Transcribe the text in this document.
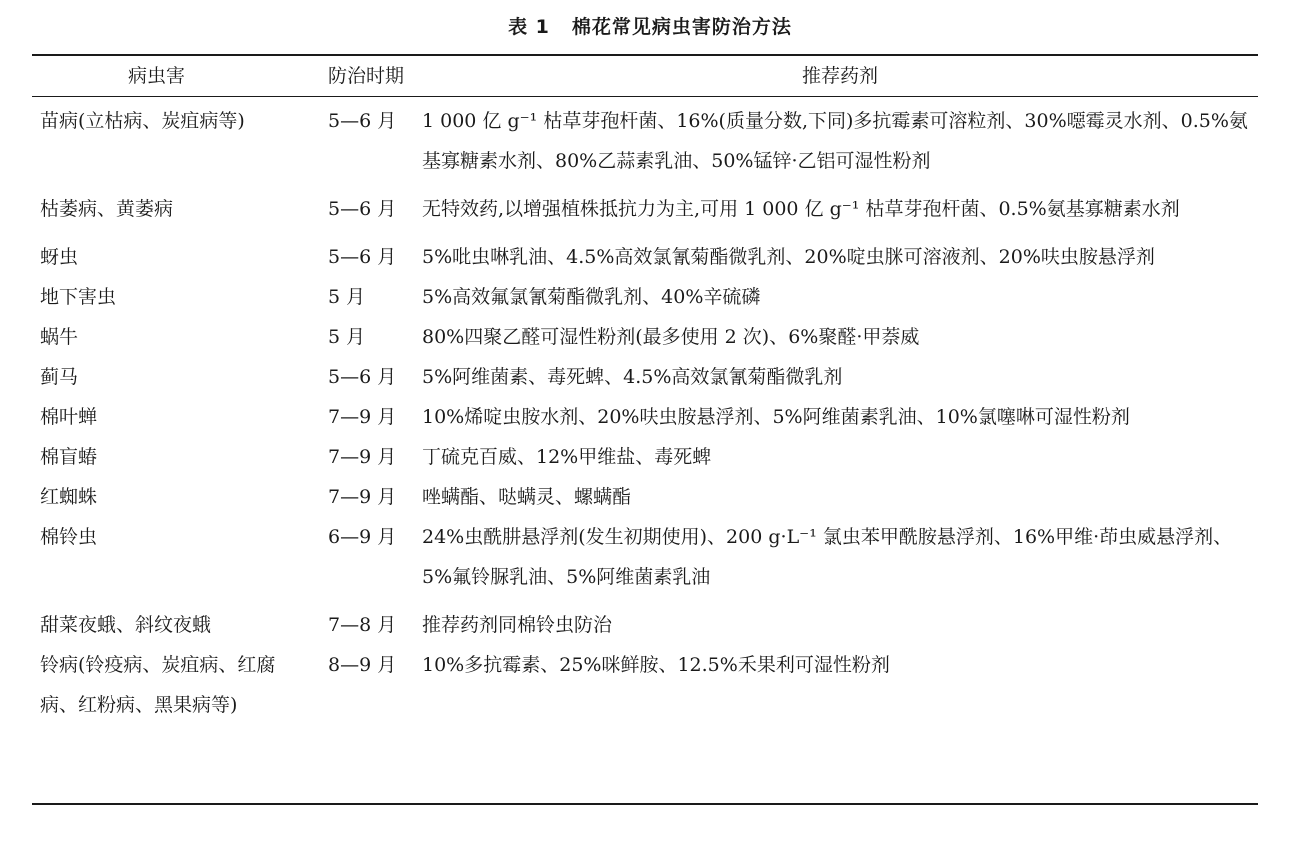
表 1 棉花常见病虫害防治方法
病虫害	防治时期	推荐药剂
苗病(立枯病、炭疽病等)	5—6 月	1 000 亿 g⁻¹ 枯草芽孢杆菌、16%(质量分数,下同)多抗霉素可溶粒剂、30%噁霉灵水剂、0.5%氨基寡糖素水剂、80%乙蒜素乳油、50%锰锌·乙铝可湿性粉剂
枯萎病、黄萎病	5—6 月	无特效药,以增强植株抵抗力为主,可用 1 000 亿 g⁻¹ 枯草芽孢杆菌、0.5%氨基寡糖素水剂
蚜虫	5—6 月	5%吡虫啉乳油、4.5%高效氯氰菊酯微乳剂、20%啶虫脒可溶液剂、20%呋虫胺悬浮剂
地下害虫	5 月	5%高效氟氯氰菊酯微乳剂、40%辛硫磷
蜗牛	5 月	80%四聚乙醛可湿性粉剂(最多使用 2 次)、6%聚醛·甲萘威
蓟马	5—6 月	5%阿维菌素、毒死蜱、4.5%高效氯氰菊酯微乳剂
棉叶蝉	7—9 月	10%烯啶虫胺水剂、20%呋虫胺悬浮剂、5%阿维菌素乳油、10%氯噻啉可湿性粉剂
棉盲蝽	7—9 月	丁硫克百威、12%甲维盐、毒死蜱
红蜘蛛	7—9 月	唑螨酯、哒螨灵、螺螨酯
棉铃虫	6—9 月	24%虫酰肼悬浮剂(发生初期使用)、200 g·L⁻¹ 氯虫苯甲酰胺悬浮剂、16%甲维·茚虫威悬浮剂、5%氟铃脲乳油、5%阿维菌素乳油
甜菜夜蛾、斜纹夜蛾	7—8 月	推荐药剂同棉铃虫防治
铃病(铃疫病、炭疽病、红腐病、红粉病、黑果病等)	8—9 月	10%多抗霉素、25%咪鲜胺、12.5%禾果利可湿性粉剂
